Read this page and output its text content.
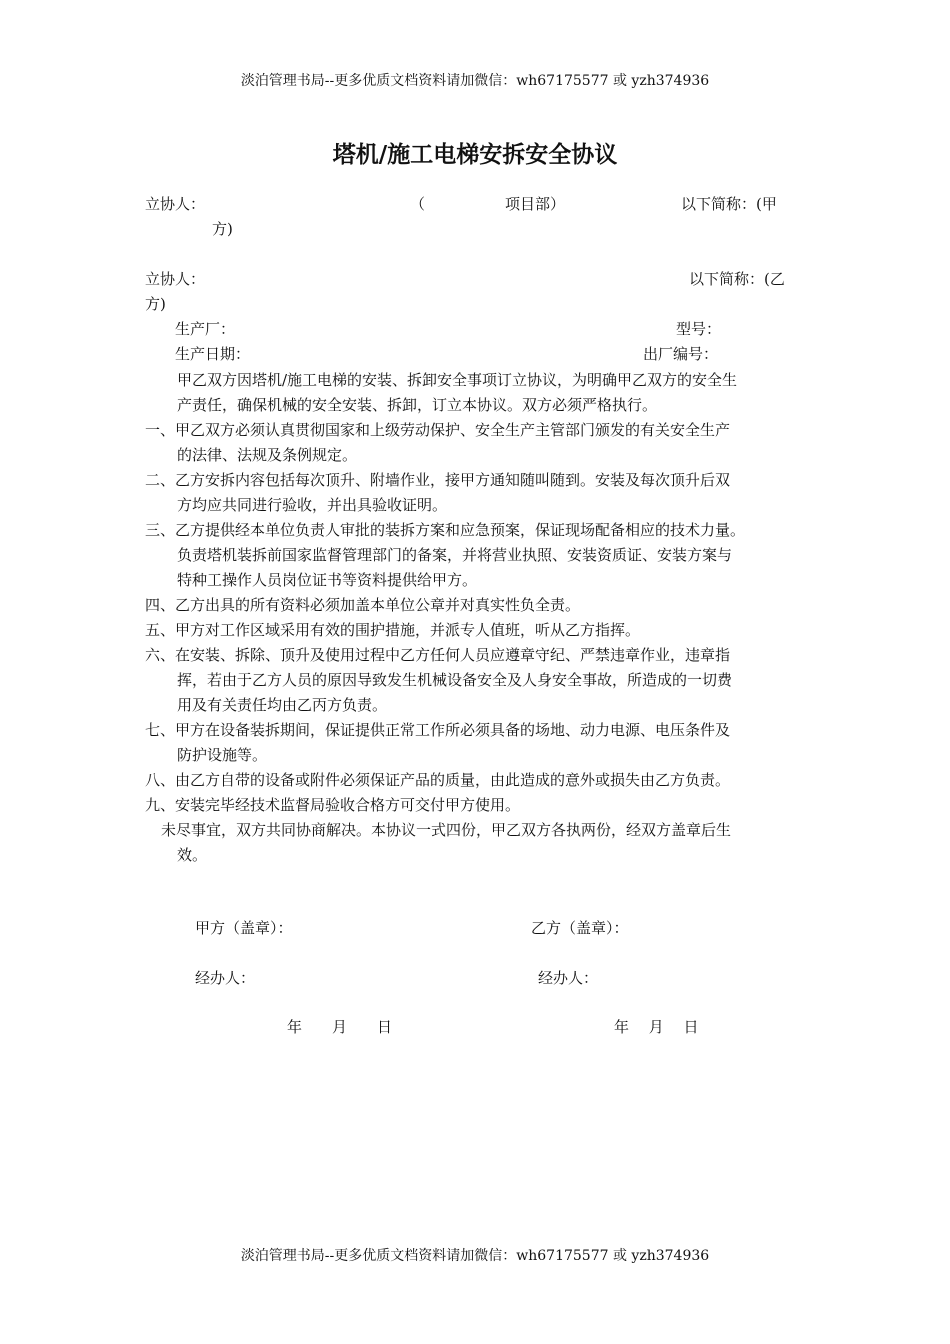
淡泊管理书局--更多优质文档资料请加微信：wh67175577 或 yzh374936
塔机/施工电梯安拆安全协议
立协人：	（	项目部）	以下简称：(甲
方)
立协人：	以下简称：(乙
方)
生产厂：	型号：
生产日期：	出厂编号：
甲乙双方因塔机/施工电梯的安装、拆卸安全事项订立协议，为明确甲乙双方的安全生
产责任，确保机械的安全安装、拆卸，订立本协议。双方必须严格执行。
一、甲乙双方必须认真贯彻国家和上级劳动保护、安全生产主管部门颁发的有关安全生产
的法律、法规及条例规定。
二、乙方安拆内容包括每次顶升、附墙作业，接甲方通知随叫随到。安装及每次顶升后双
方均应共同进行验收，并出具验收证明。
三、乙方提供经本单位负责人审批的装拆方案和应急预案，保证现场配备相应的技术力量。
负责塔机装拆前国家监督管理部门的备案，并将营业执照、安装资质证、安装方案与
特种工操作人员岗位证书等资料提供给甲方。
四、乙方出具的所有资料必须加盖本单位公章并对真实性负全责。
五、甲方对工作区域采用有效的围护措施，并派专人值班，听从乙方指挥。
六、在安装、拆除、顶升及使用过程中乙方任何人员应遵章守纪、严禁违章作业，违章指
挥，若由于乙方人员的原因导致发生机械设备安全及人身安全事故，所造成的一切费
用及有关责任均由乙丙方负责。
七、甲方在设备装拆期间，保证提供正常工作所必须具备的场地、动力电源、电压条件及
防护设施等。
八、由乙方自带的设备或附件必须保证产品的质量，由此造成的意外或损失由乙方负责。
九、安装完毕经技术监督局验收合格方可交付甲方使用。
未尽事宜，双方共同协商解决。本协议一式四份，甲乙双方各执两份，经双方盖章后生
效。
甲方（盖章）：	乙方（盖章）：
经办人：	经办人：
年　　月　　日	年　 月　 日
淡泊管理书局--更多优质文档资料请加微信：wh67175577 或 yzh374936
